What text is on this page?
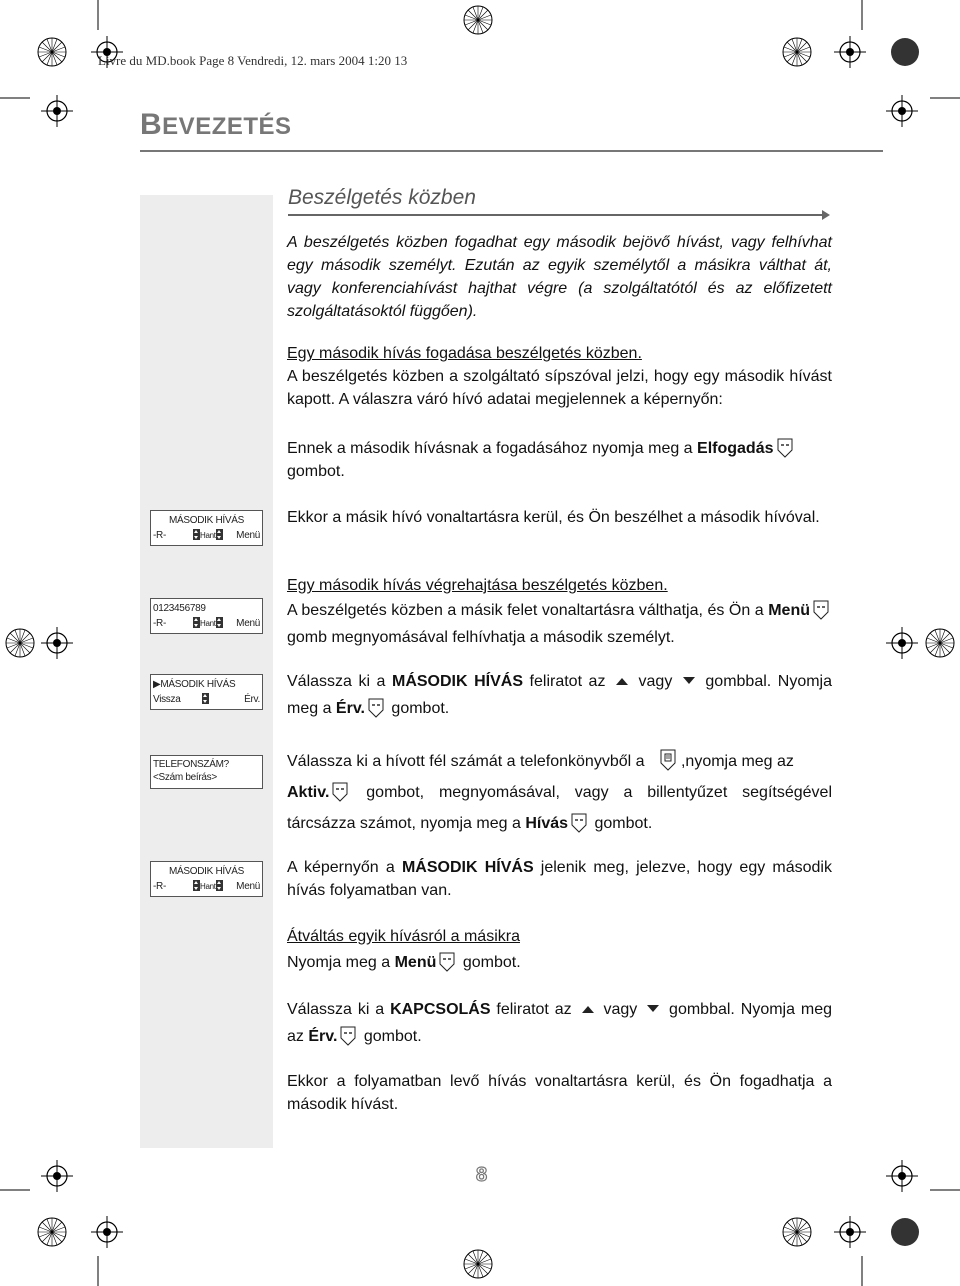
Livre du MD.book Page 8 Vendredi, 12. mars 2004 1:20 13
BEVEZETÉS
Beszélgetés közben
A beszélgetés közben fogadhat egy második bejövő hívást, vagy felhívhat egy második személyt. Ezután az egyik személytől a másikra válthat át, vagy konferenciahívást hajthat végre (a szolgáltatótól és az előfizetett szolgáltatásoktól függően).
Egy második hívás fogadása beszélgetés közben.
A beszélgetés közben a szolgáltató sípszóval jelzi, hogy egy második hívást kapott. A válaszra váró hívó adatai megjelennek a képernyőn:
Ennek a második hívásnak a fogadásához nyomja meg a Elfogadás
gombot.
Ekkor a másik hívó vonaltartásra kerül, és Ön beszélhet a második hívóval.
Egy második hívás végrehajtása beszélgetés közben.
A beszélgetés közben a másik felet vonaltartásra válthatja, és Ön a Menü gomb megnyomásával felhívhatja a második személyt.
Válassza ki a MÁSODIK HÍVÁS feliratot az  vagy  gombbal. Nyomja meg a Érv. gombot.
Válassza ki a hívott fél számát a telefonkönyvből a ,nyomja meg az
Aktiv. gombot, megnyomásával, vagy a billentyűzet segítségével tárcsázza számot, nyomja meg a Hívás gombot.
A képernyőn a MÁSODIK HÍVÁS jelenik meg, jelezve, hogy egy második hívás folyamatban van.
Átváltás egyik hívásról a másikra
Nyomja meg a Menü gombot.
Válassza ki a KAPCSOLÁS feliratot az  vagy  gombbal. Nyomja meg az Érv. gombot.
Ekkor a folyamatban levő hívás vonaltartásra kerül, és Ön fogadhatja a második hívást.
MÁSODIK HÍVÁS
-R-	Hant	Menü
0123456789
-R-	Hant	Menü
▶MÁSODIK HÍVÁS
Vissza	Érv.
TELEFONSZÁM?
<Szám beírás>
MÁSODIK HÍVÁS
-R-	Hant	Menü
8
